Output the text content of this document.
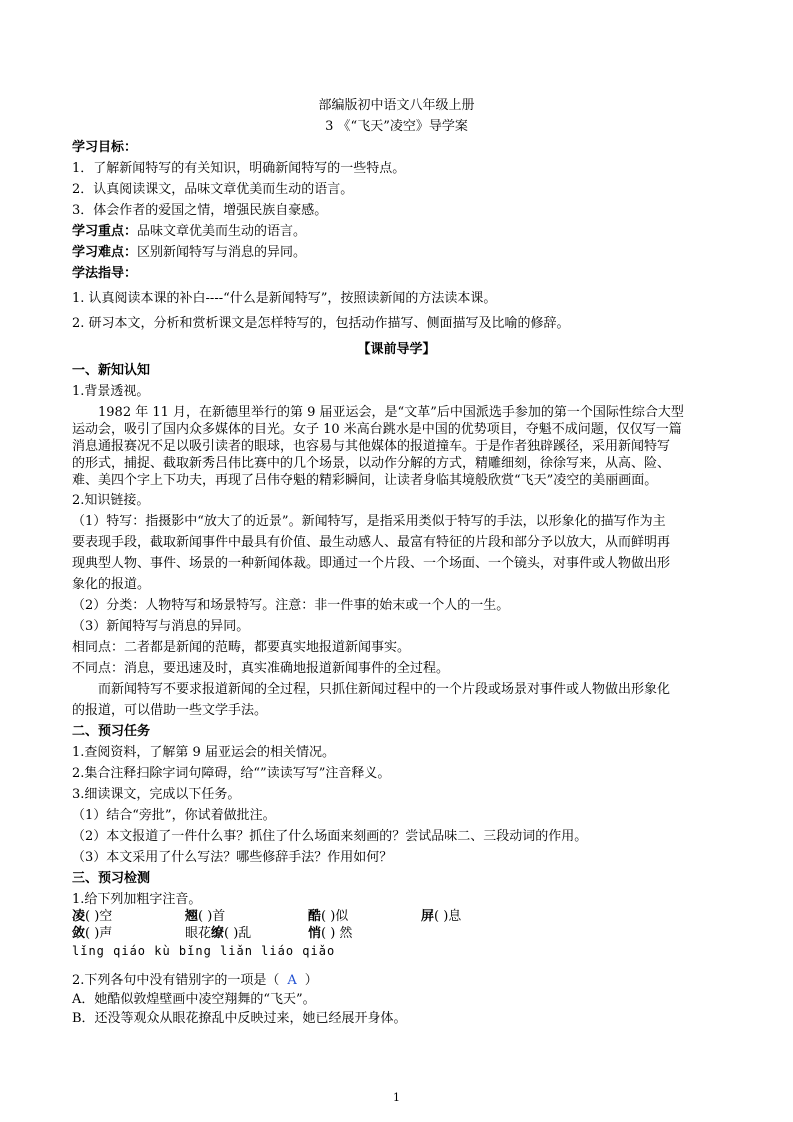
部编版初中语文八年级上册
3 《“飞天”凌空》导学案
学习目标：
1．了解新闻特写的有关知识，明确新闻特写的一些特点。
2．认真阅读课文，品味文章优美而生动的语言。
3．体会作者的爱国之情，增强民族自豪感。
学习重点：品味文章优美而生动的语言。
学习难点：区别新闻特写与消息的异同。
学法指导：
1. 认真阅读本课的补白----“什么是新闻特写”，按照读新闻的方法读本课。
2. 研习本文，分析和赏析课文是怎样特写的，包括动作描写、侧面描写及比喻的修辞。
【课前导学】
一、新知认知
1.背景透视。
1982 年 11 月，在新德里举行的第 9 届亚运会，是“文革”后中国派选手参加的第一个国际性综合大型
运动会，吸引了国内众多媒体的目光。女子 10 米高台跳水是中国的优势项目，夺魁不成问题，仅仅写一篇
消息通报赛况不足以吸引读者的眼球，也容易与其他媒体的报道撞车。于是作者独辟蹊径，采用新闻特写
的形式，捕捉、截取新秀吕伟比赛中的几个场景，以动作分解的方式，精雕细刻，徐徐写来，从高、险、
难、美四个字上下功夫，再现了吕伟夺魁的精彩瞬间，让读者身临其境般欣赏“飞天”凌空的美丽画面。
2.知识链接。
（1）特写：指摄影中“放大了的近景”。新闻特写，是指采用类似于特写的手法，以形象化的描写作为主
要表现手段，截取新闻事件中最具有价值、最生动感人、最富有特征的片段和部分予以放大，从而鲜明再
现典型人物、事件、场景的一种新闻体裁。即通过一个片段、一个场面、一个镜头，对事件或人物做出形
象化的报道。
（2）分类：人物特写和场景特写。注意：非一件事的始末或一个人的一生。
（3）新闻特写与消息的异同。
相同点：二者都是新闻的范畴，都要真实地报道新闻事实。
不同点：消息，要迅速及时，真实准确地报道新闻事件的全过程。
而新闻特写不要求报道新闻的全过程，只抓住新闻过程中的一个片段或场景对事件或人物做出形象化
的报道，可以借助一些文学手法。
二、预习任务
1.查阅资料，了解第 9 届亚运会的相关情况。
2.集合注释扫除字词句障碍，给“”读读写写”注音释义。
3.细读课文，完成以下任务。
（1）结合“旁批”，你试着做批注。
（2）本文报道了一件什么事？抓住了什么场面来刻画的？尝试品味二、三段动词的作用。
（3）本文采用了什么写法？哪些修辞手法？作用如何？
三、预习检测
1.给下列加粗字注音。
凌( )空	翘( )首	酷( )似	屏( )息
敛( )声	眼花缭( )乱	悄( ) 然
lǐng qiáo kù bǐng liǎn liáo qiǎo
2.下列各句中没有错别字的一项是（ A ）
A．她酷似敦煌壁画中凌空翔舞的“飞天”。
B．还没等观众从眼花撩乱中反映过来，她已经展开身体。
1
